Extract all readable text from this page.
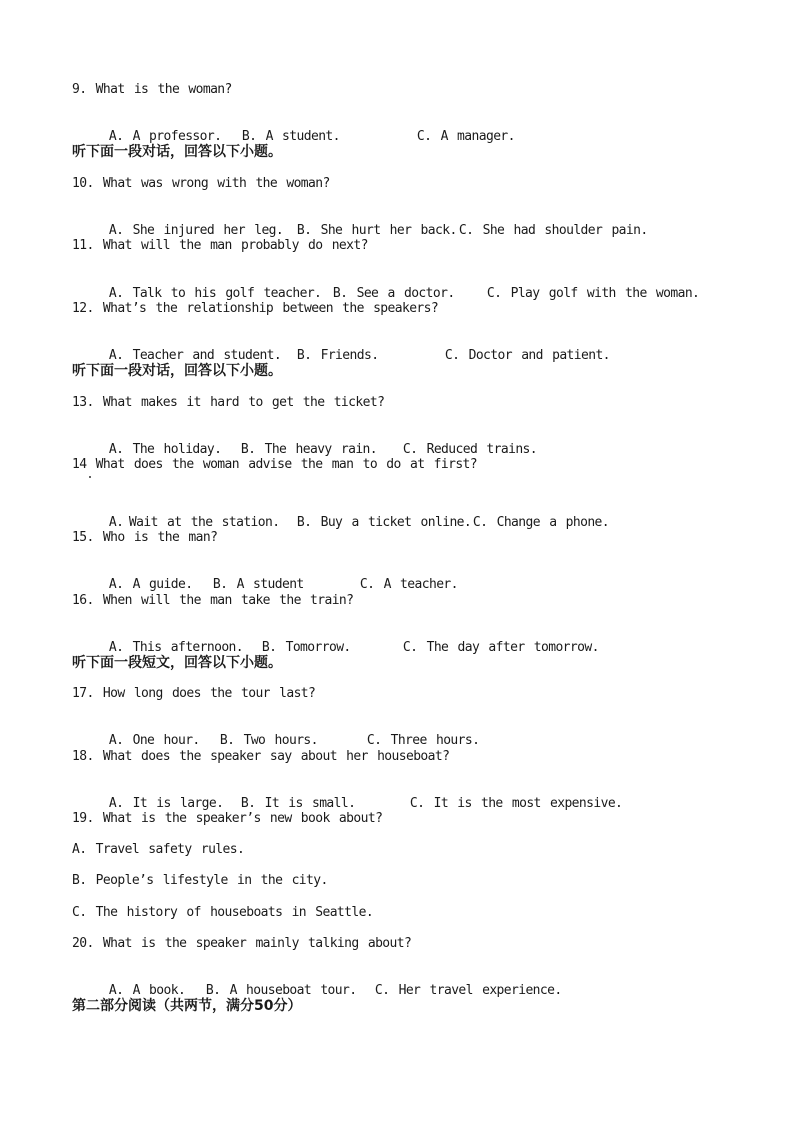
9. What is the woman?

A. A professor. B. A student.	C. A manager.

听下面一段对话，回答以下小题。
10. What was wrong with the woman?

A. She injured her leg. B. She hurt her back. C. She had shoulder pain.

11. What will the man probably do next?

A. Talk to his golf teacher. B. See a doctor. C. Play golf with the woman.

12. What’s the relationship between the speakers?

A. Teacher and student. B. Friends.	C. Doctor and patient.

听下面一段对话，回答以下小题。
13. What makes it hard to get the ticket?

A. The holiday. B. The heavy rain. C. Reduced trains.

14 What does the woman advise the man to do at first?

A. Wait at the station. B. Buy a ticket online. C. Change a phone.

15. Who is the man?

A. A guide. B. A student	C. A teacher.

16. When will the man take the train?

A. This afternoon. B. Tomorrow.	C. The day after tomorrow.

听下面一段短文，回答以下小题。
17. How long does the tour last?

A. One hour. B. Two hours.	C. Three hours.

18. What does the speaker say about her houseboat?

A. It is large. B. It is small.	C. It is the most expensive.

19. What is the speaker’s new book about?
A. Travel safety rules.
B. People’s lifestyle in the city.
C. The history of houseboats in Seattle.
20. What is the speaker mainly talking about?

A. A book. B. A houseboat tour. C. Her travel experience.

第二部分阅读（共两节，满分50分）
